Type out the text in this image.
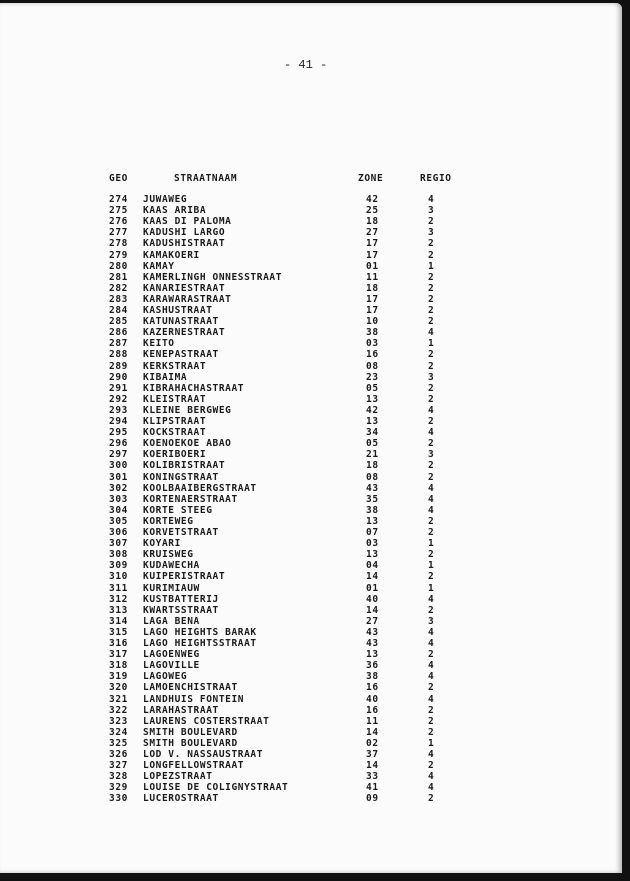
- 41 -
GEO	STRAATNAAM	ZONE	REGIO
274 JUWAWEG	42	4
275 KAAS ARIBA	25	3
276 KAAS DI PALOMA	18	2
277 KADUSHI LARGO	27	3
278 KADUSHISTRAAT	17	2
279 KAMAKOERI	17	2
280 KAMAY	01	1
281 KAMERLINGH ONNESSTRAAT	11	2
282 KANARIESTRAAT	18	2
283 KARAWARASTRAAT	17	2
284 KASHUSTRAAT	17	2
285 KATUNASTRAAT	10	2
286 KAZERNESTRAAT	38	4
287 KEITO	03	1
288 KENEPASTRAAT	16	2
289 KERKSTRAAT	08	2
290 KIBAIMA	23	3
291 KIBRAHACHASTRAAT	05	2
292 KLEISTRAAT	13	2
293 KLEINE BERGWEG	42	4
294 KLIPSTRAAT	13	2
295 KOCKSTRAAT	34	4
296 KOENOEKOE ABAO	05	2
297 KOERIBOERI	21	3
300 KOLIBRISTRAAT	18	2
301 KONINGSTRAAT	08	2
302 KOOLBAAIBERGSTRAAT	43	4
303 KORTENAERSTRAAT	35	4
304 KORTE STEEG	38	4
305 KORTEWEG	13	2
306 KORVETSTRAAT	07	2
307 KOYARI	03	1
308 KRUISWEG	13	2
309 KUDAWECHA	04	1
310 KUIPERISTRAAT	14	2
311 KURIMIAUW	01	1
312 KUSTBATTERIJ	40	4
313 KWARTSSTRAAT	14	2
314 LAGA BENA	27	3
315 LAGO HEIGHTS BARAK	43	4
316 LAGO HEIGHTSSTRAAT	43	4
317 LAGOENWEG	13	2
318 LAGOVILLE	36	4
319 LAGOWEG	38	4
320 LAMOENCHISTRAAT	16	2
321 LANDHUIS FONTEIN	40	4
322 LARAHASTRAAT	16	2
323 LAURENS COSTERSTRAAT	11	2
324 SMITH BOULEVARD	14	2
325 SMITH BOULEVARD	02	1
326 LOD V. NASSAUSTRAAT	37	4
327 LONGFELLOWSTRAAT	14	2
328 LOPEZSTRAAT	33	4
329 LOUISE DE COLIGNYSTRAAT	41	4
330 LUCEROSTRAAT	09	2
